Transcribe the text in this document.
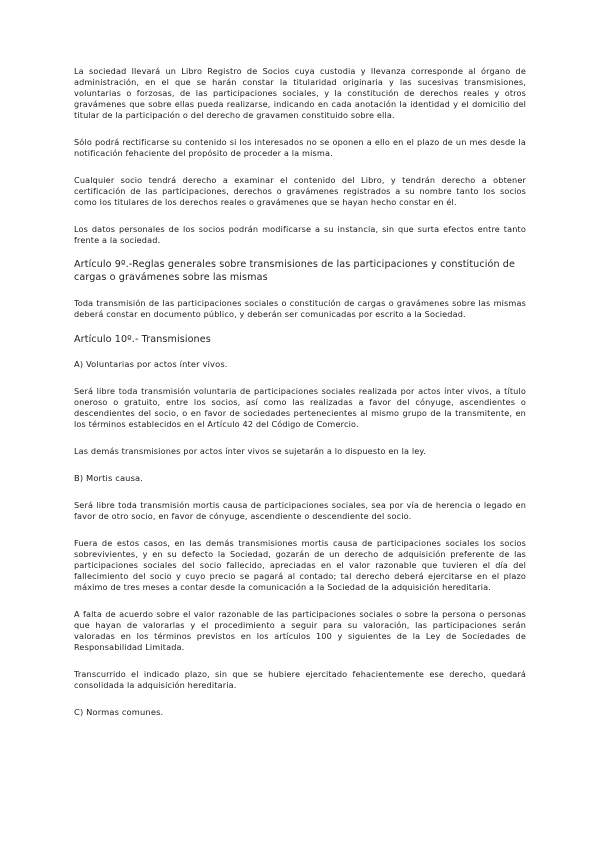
La sociedad llevará un Libro Registro de Socios cuya custodia y llevanza corresponde al órgano de administración, en el que se harán constar la titularidad originaria y las sucesivas transmisiones, voluntarias o forzosas, de las participaciones sociales, y la constitución de derechos reales y otros gravámenes que sobre ellas pueda realizarse, indicando en cada anotación la identidad y el domicilio del titular de la participación o del derecho de gravamen constituido sobre ella.

Sólo podrá rectificarse su contenido si los interesados no se oponen a ello en el plazo de un mes desde la notificación fehaciente del propósito de proceder a la misma.

Cualquier socio tendrá derecho a examinar el contenido del Libro, y tendrán derecho a obtener certificación de las participaciones, derechos o gravámenes registrados a su nombre tanto los socios como los titulares de los derechos reales o gravámenes que se hayan hecho constar en él.

Los datos personales de los socios podrán modificarse a su instancia, sin que surta efectos entre tanto frente a la sociedad.

Artículo 9º.-Reglas generales sobre transmisiones de las participaciones y constitución de cargas o gravámenes sobre las mismas

Toda transmisión de las participaciones sociales o constitución de cargas o gravámenes sobre las mismas deberá constar en documento público, y deberán ser comunicadas por escrito a la Sociedad.

Artículo 10º.- Transmisiones

A) Voluntarias por actos ínter vivos.

Será libre toda transmisión voluntaria de participaciones sociales realizada por actos ínter vivos, a título oneroso o gratuito, entre los socios, así como las realizadas a favor del cónyuge, ascendientes o descendientes del socio, o en favor de sociedades pertenecientes al mismo grupo de la transmitente, en los términos establecidos en el Artículo 42 del Código de Comercio.

Las demás transmisiones por actos ínter vivos se sujetarán a lo dispuesto en la ley.

B) Mortis causa.

Será libre toda transmisión mortis causa de participaciones sociales, sea por vía de herencia o legado en favor de otro socio, en favor de cónyuge, ascendiente o descendiente del socio.

Fuera de estos casos, en las demás transmisiones mortis causa de participaciones sociales los socios sobrevivientes, y en su defecto la Sociedad, gozarán de un derecho de adquisición preferente de las participaciones sociales del socio fallecido, apreciadas en el valor razonable que tuvieren el día del fallecimiento del socio y cuyo precio se pagará al contado; tal derecho deberá ejercitarse en el plazo máximo de tres meses a contar desde la comunicación a la Sociedad de la adquisición hereditaria.

A falta de acuerdo sobre el valor razonable de las participaciones sociales o sobre la persona o personas que hayan de valorarlas y el procedimiento a seguir para su valoración, las participaciones serán valoradas en los términos previstos en los artículos 100 y siguientes de la Ley de Sociedades de Responsabilidad Limitada.

Transcurrido el indicado plazo, sin que se hubiere ejercitado fehacientemente ese derecho, quedará consolidada la adquisición hereditaria.

C) Normas comunes.
